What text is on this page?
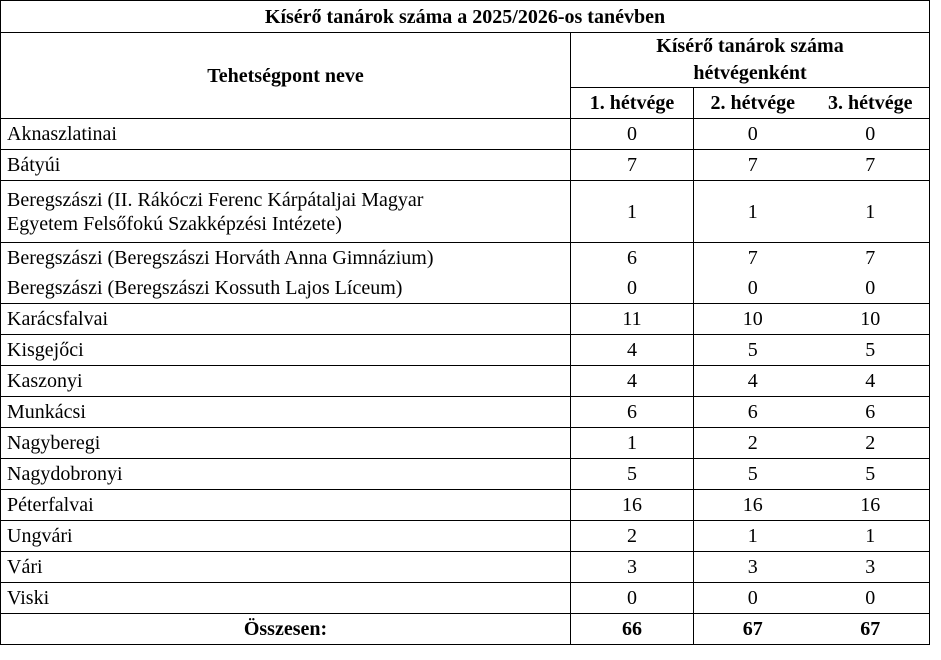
Kísérő tanárok száma a 2025/2026-os tanévben			
Tehetségpont neve	Kísérő tanárok száma
hétvégenként		
	1. hétvége	2. hétvége	3. hétvége
Aknaszlatinai	0	0	0
Bátyúi	7	7	7
Beregszászi (II. Rákóczi Ferenc Kárpátaljai Magyar
Egyetem Felsőfokú Szakképzési Intézete)	1	1	1
Beregszászi (Beregszászi Horváth Anna Gimnázium)	6	7	7
Beregszászi (Beregszászi Kossuth Lajos Líceum)	0	0	0
Karácsfalvai	11	10	10
Kisgejőci	4	5	5
Kaszonyi	4	4	4
Munkácsi	6	6	6
Nagyberegi	1	2	2
Nagydobronyi	5	5	5
Péterfalvai	16	16	16
Ungvári	2	1	1
Vári	3	3	3
Viski	0	0	0
Összesen:	66	67	67
